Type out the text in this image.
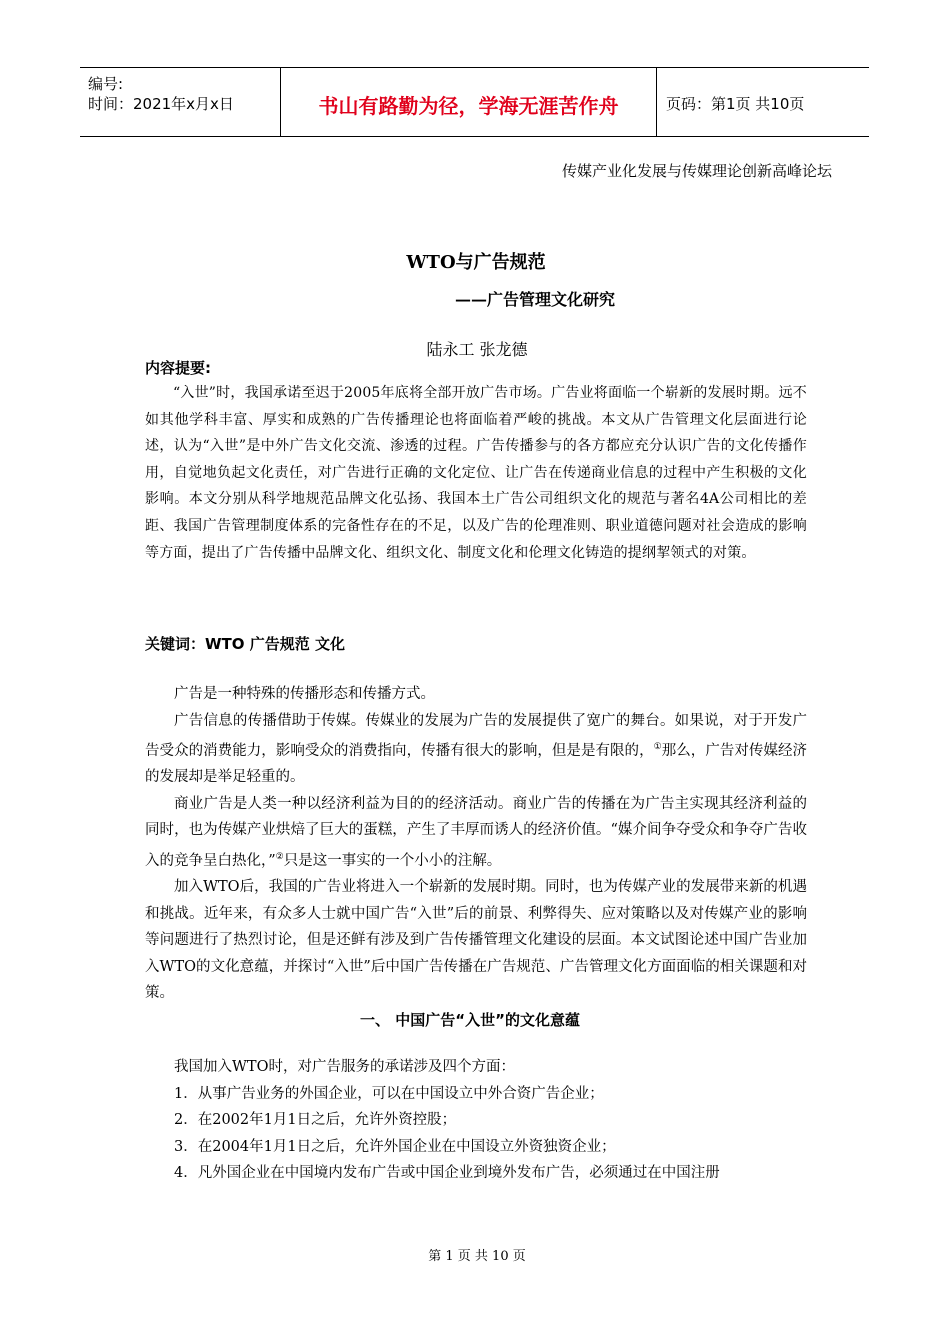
编号:
时间：2021年x月x日	书山有路勤为径，学海无涯苦作舟	页码：第1页 共10页
传媒产业化发展与传媒理论创新高峰论坛
WTO与广告规范
——广告管理文化研究
陆永工 张龙德
内容提要:
“入世”时，我国承诺至迟于2005年底将全部开放广告市场。广告业将面临一个崭新的发展时期。远不如其他学科丰富、厚实和成熟的广告传播理论也将面临着严峻的挑战。本文从广告管理文化层面进行论述，认为“入世”是中外广告文化交流、渗透的过程。广告传播参与的各方都应充分认识广告的文化传播作用，自觉地负起文化责任，对广告进行正确的文化定位、让广告在传递商业信息的过程中产生积极的文化影响。本文分别从科学地规范品牌文化弘扬、我国本土广告公司组织文化的规范与著名4A公司相比的差距、我国广告管理制度体系的完备性存在的不足，以及广告的伦理准则、职业道德问题对社会造成的影响等方面，提出了广告传播中品牌文化、组织文化、制度文化和伦理文化铸造的提纲挈领式的对策。
关键词：WTO 广告规范 文化
广告是一种特殊的传播形态和传播方式。
广告信息的传播借助于传媒。传媒业的发展为广告的发展提供了宽广的舞台。如果说，对于开发广告受众的消费能力，影响受众的消费指向，传播有很大的影响，但是是有限的，①那么，广告对传媒经济的发展却是举足轻重的。
商业广告是人类一种以经济利益为目的的经济活动。商业广告的传播在为广告主实现其经济利益的同时，也为传媒产业烘焙了巨大的蛋糕，产生了丰厚而诱人的经济价值。“媒介间争夺受众和争夺广告收入的竞争呈白热化，”②只是这一事实的一个小小的注解。
加入WTO后，我国的广告业将进入一个崭新的发展时期。同时，也为传媒产业的发展带来新的机遇和挑战。近年来，有众多人士就中国广告“入世”后的前景、利弊得失、应对策略以及对传媒产业的影响等问题进行了热烈讨论，但是还鲜有涉及到广告传播管理文化建设的层面。本文试图论述中国广告业加入WTO的文化意蕴，并探讨“入世”后中国广告传播在广告规范、广告管理文化方面面临的相关课题和对策。
一、 中国广告“入世”的文化意蕴
我国加入WTO时，对广告服务的承诺涉及四个方面：
1．从事广告业务的外国企业，可以在中国设立中外合资广告企业；
2．在2002年1月1日之后，允许外资控股；
3．在2004年1月1日之后，允许外国企业在中国设立外资独资企业；
4．凡外国企业在中国境内发布广告或中国企业到境外发布广告，必须通过在中国注册
第 1 页 共 10 页
